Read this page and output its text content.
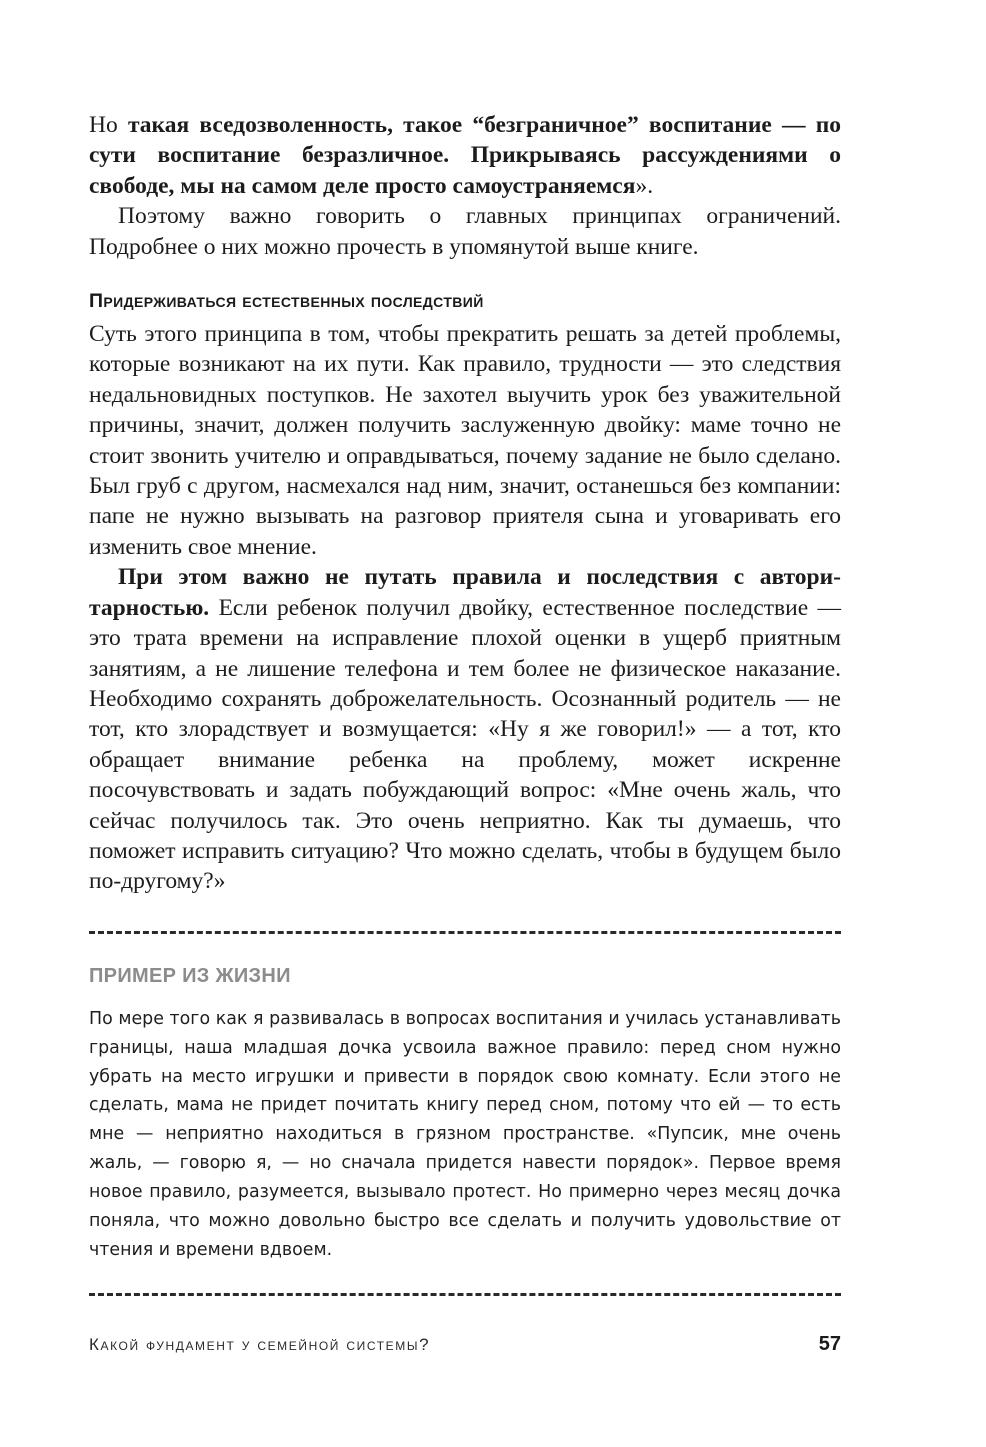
Но такая вседозволенность, такое “безграничное” воспитание — по сути воспитание безразличное. Прикрываясь рассуждениями о свободе, мы на самом деле просто самоустраняемся».

Поэтому важно говорить о главных принципах ограничений. Подробнее о них можно прочесть в упомянутой выше книге.

Придерживаться естественных последствий

Суть этого принципа в том, чтобы прекратить решать за детей проблемы, которые возникают на их пути. Как правило, трудности — это следствия недальновидных поступков. Не захотел выучить урок без уважительной причины, значит, должен получить заслуженную двойку: маме точно не стоит звонить учителю и оправдываться, почему задание не было сделано. Был груб с другом, насмехался над ним, значит, останешься без компании: папе не нужно вызывать на разговор приятеля сына и уговаривать его изменить свое мнение.

При этом важно не путать правила и последствия с авторитарностью. Если ребенок получил двойку, естественное последствие — это трата времени на исправление плохой оценки в ущерб приятным занятиям, а не лишение телефона и тем более не физическое наказание. Необходимо сохранять доброжелательность. Осознанный родитель — не тот, кто злорадствует и возмущается: «Ну я же говорил!» — а тот, кто обращает внимание ребенка на проблему, может искренне посочувствовать и задать побуждающий вопрос: «Мне очень жаль, что сейчас получилось так. Это очень неприятно. Как ты думаешь, что поможет исправить ситуацию? Что можно сделать, чтобы в будущем было по-другому?»

ПРИМЕР ИЗ ЖИЗНИ

По мере того как я развивалась в вопросах воспитания и училась устанавливать границы, наша младшая дочка усвоила важное правило: перед сном нужно убрать на место игрушки и привести в порядок свою комнату. Если этого не сделать, мама не придет почитать книгу перед сном, потому что ей — то есть мне — неприятно находиться в грязном пространстве. «Пупсик, мне очень жаль, — говорю я, — но сначала придется навести порядок». Первое время новое правило, разумеется, вызывало протест. Но примерно через месяц дочка поняла, что можно довольно быстро все сделать и получить удовольствие от чтения и времени вдвоем.

Какой фундамент у семейной системы?	57
